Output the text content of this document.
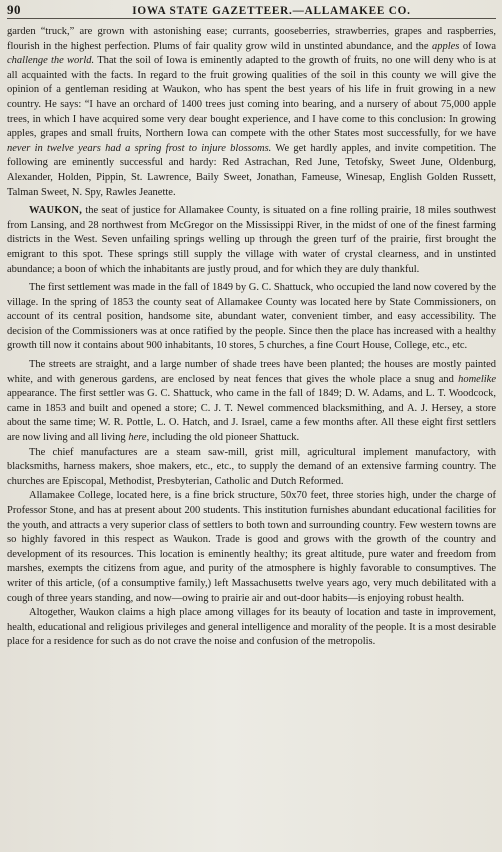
90	IOWA STATE GAZETTEER.—ALLAMAKEE CO.

garden “truck,” are grown with astonishing ease; currants, gooseberries, strawberries, grapes and raspberries, flourish in the highest perfection. Plums of fair quality grow wild in unstinted abundance, and the apples of Iowa challenge the world. That the soil of Iowa is eminently adapted to the growth of fruits, no one will deny who is at all acquainted with the facts. In regard to the fruit growing qualities of the soil in this county we will give the opinion of a gentleman residing at Waukon, who has spent the best years of his life in fruit growing in a new country. He says: “I have an orchard of 1400 trees just coming into bearing, and a nursery of about 75,000 apple trees, in which I have acquired some very dear bought experience, and I have come to this conclusion: In growing apples, grapes and small fruits, Northern Iowa can compete with the other States most successfully, for we have never in twelve years had a spring frost to injure blossoms. We get hardly apples, and invite competition. The following are eminently successful and hardy: Red Astrachan, Red June, Tetofsky, Sweet June, Oldenburg, Alexander, Holden, Pippin, St. Lawrence, Baily Sweet, Jonathan, Fameuse, Winesap, English Golden Russett, Talman Sweet, N. Spy, Rawles Jeanette.

WAUKON, the seat of justice for Allamakee County, is situated on a fine rolling prairie, 18 miles southwest from Lansing, and 28 northwest from McGregor on the Mississippi River, in the midst of one of the finest farming districts in the West. Seven unfailing springs welling up through the green turf of the prairie, first brought the emigrant to this spot. These springs still supply the village with water of crystal clearness, and in unstinted abundance; a boon of which the inhabitants are justly proud, and for which they are duly thankful.

The first settlement was made in the fall of 1849 by G. C. Shattuck, who occupied the land now covered by the village. In the spring of 1853 the county seat of Allamakee County was located here by State Commissioners, on account of its central position, handsome site, abundant water, convenient timber, and easy accessibility. The decision of the Commissioners was at once ratified by the people. Since then the place has increased with a healthy growth till now it contains about 900 inhabitants, 10 stores, 5 churches, a fine Court House, College, etc., etc.

The streets are straight, and a large number of shade trees have been planted; the houses are mostly painted white, and with generous gardens, are enclosed by neat fences that gives the whole place a snug and homelike appearance. The first settler was G. C. Shattuck, who came in the fall of 1849; D. W. Adams, and L. T. Woodcock, came in 1853 and built and opened a store; C. J. T. Newel commenced blacksmithing, and A. J. Hersey, a store about the same time; W. R. Pottle, L. O. Hatch, and J. Israel, came a few months after. All these eight first settlers are now living and all living here, including the old pioneer Shattuck.

The chief manufactures are a steam saw-mill, grist mill, agricultural implement manufactory, with blacksmiths, harness makers, shoe makers, etc., etc., to supply the demand of an extensive farming country. The churches are Episcopal, Methodist, Presbyterian, Catholic and Dutch Reformed.

Allamakee College, located here, is a fine brick structure, 50x70 feet, three stories high, under the charge of Professor Stone, and has at present about 200 students. This institution furnishes abundant educational facilities for the youth, and attracts a very superior class of settlers to both town and surrounding country. Few western towns are so highly favored in this respect as Waukon. Trade is good and grows with the growth of the country and development of its resources. This location is eminently healthy; its great altitude, pure water and freedom from marshes, exempts the citizens from ague, and purity of the atmosphere is highly favorable to consumptives. The writer of this article, (of a consumptive family,) left Massachusetts twelve years ago, very much debilitated with a cough of three years standing, and now—owing to prairie air and out-door habits—is enjoying robust health.

Altogether, Waukon claims a high place among villages for its beauty of location and taste in improvement, health, educational and religious privileges and general intelligence and morality of the people. It is a most desirable place for a residence for such as do not crave the noise and confusion of the metropolis.
